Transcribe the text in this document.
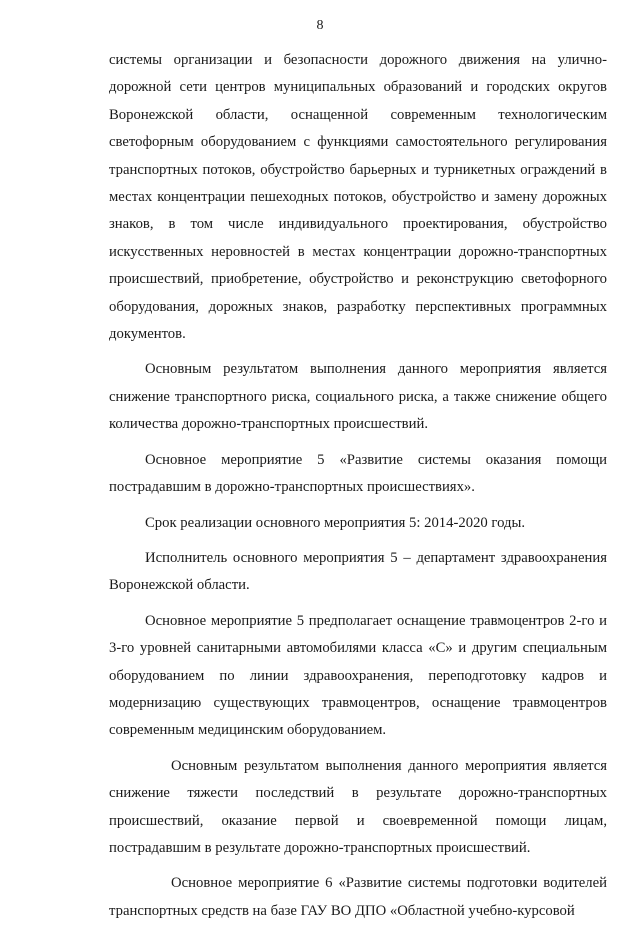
8

системы организации и безопасности дорожного движения на улично-дорожной сети центров муниципальных образований и городских округов Воронежской области, оснащенной современным технологическим светофорным оборудованием с функциями самостоятельного регулирования транспортных потоков, обустройство барьерных и турникетных ограждений в местах концентрации пешеходных потоков, обустройство и замену дорожных знаков, в том числе индивидуального проектирования, обустройство искусственных неровностей в местах концентрации дорожно-транспортных происшествий, приобретение, обустройство и реконструкцию светофорного оборудования, дорожных знаков, разработку перспективных программных документов.

Основным результатом выполнения данного мероприятия является снижение транспортного риска, социального риска, а также снижение общего количества дорожно-транспортных происшествий.

Основное мероприятие 5 «Развитие системы оказания помощи пострадавшим в дорожно-транспортных происшествиях».

Срок реализации основного мероприятия 5: 2014-2020 годы.

Исполнитель основного мероприятия 5 – департамент здравоохранения Воронежской области.

Основное мероприятие 5 предполагает оснащение травмоцентров 2-го и 3-го уровней санитарными автомобилями класса «С» и другим специальным оборудованием по линии здравоохранения, переподготовку кадров и модернизацию существующих травмоцентров, оснащение травмоцентров современным медицинским оборудованием.

Основным результатом выполнения данного мероприятия является снижение тяжести последствий в результате дорожно-транспортных происшествий, оказание первой и своевременной помощи лицам, пострадавшим в результате дорожно-транспортных происшествий.

Основное мероприятие 6 «Развитие системы подготовки водителей транспортных средств на базе ГАУ ВО ДПО «Областной учебно-курсовой
